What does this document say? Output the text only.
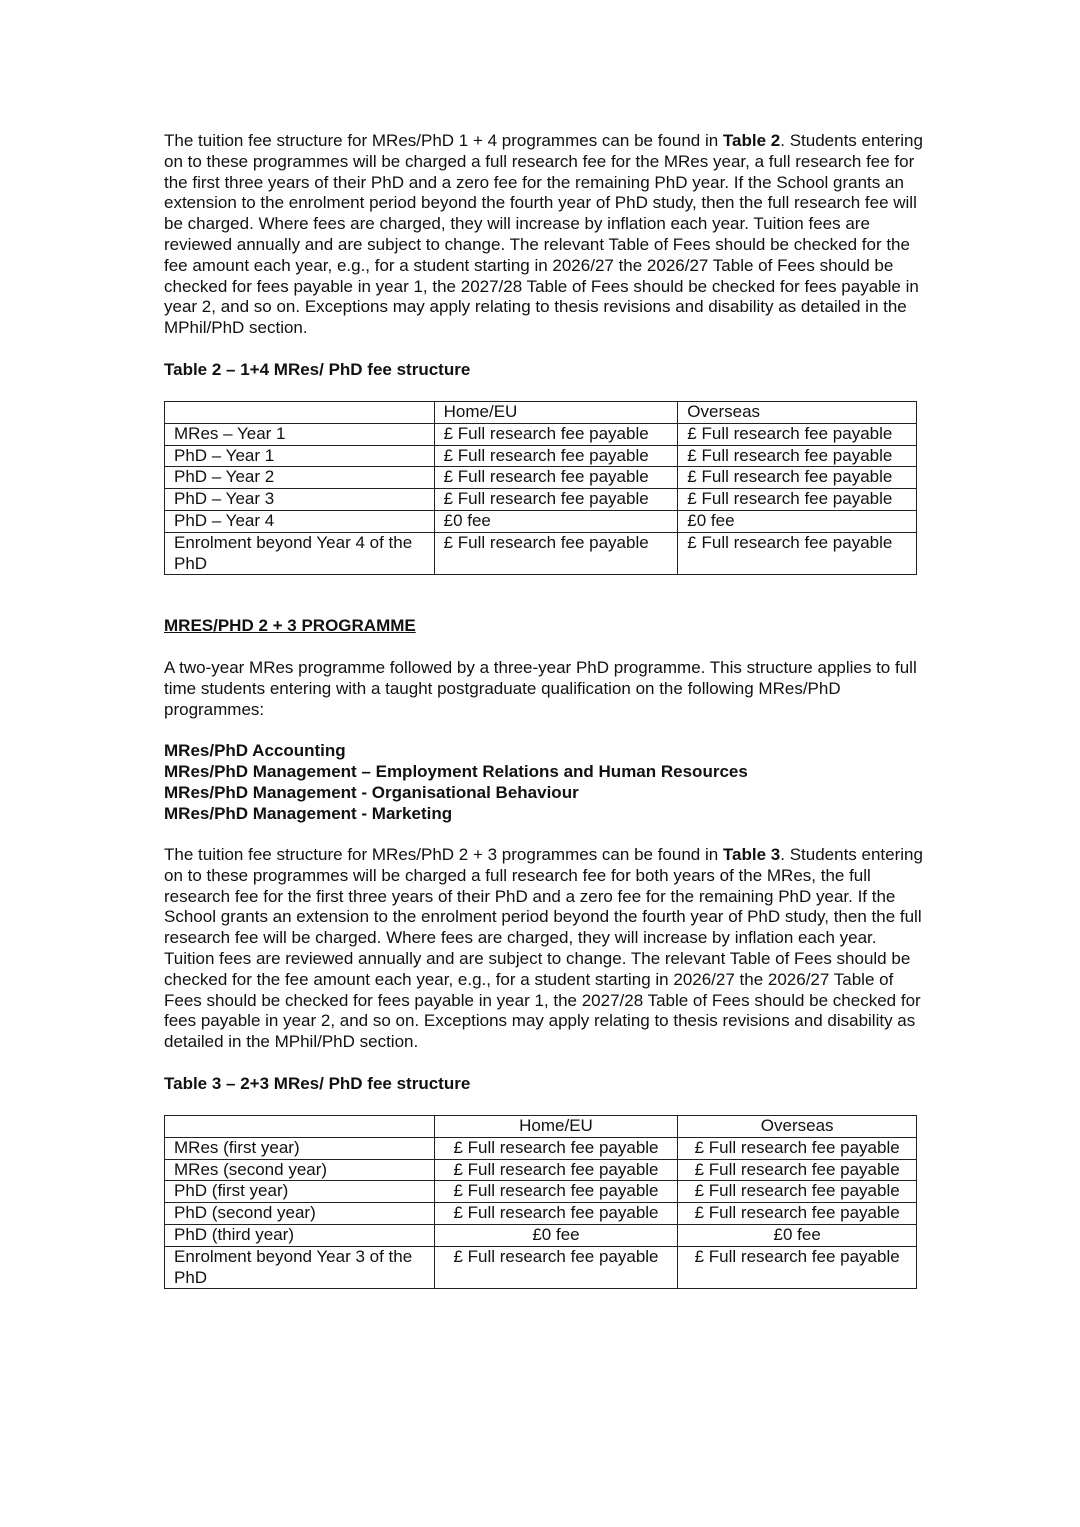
The tuition fee structure for MRes/PhD 1 + 4 programmes can be found in Table 2. Students entering on to these programmes will be charged a full research fee for the MRes year, a full research fee for the first three years of their PhD and a zero fee for the remaining PhD year. If the School grants an extension to the enrolment period beyond the fourth year of PhD study, then the full research fee will be charged. Where fees are charged, they will increase by inflation each year. Tuition fees are reviewed annually and are subject to change. The relevant Table of Fees should be checked for the fee amount each year, e.g., for a student starting in 2026/27 the 2026/27 Table of Fees should be checked for fees payable in year 1, the 2027/28 Table of Fees should be checked for fees payable in year 2, and so on. Exceptions may apply relating to thesis revisions and disability as detailed in the MPhil/PhD section.

Table 2 – 1+4 MRes/ PhD fee structure

	Home/EU	Overseas
MRes – Year 1	£ Full research fee payable	£ Full research fee payable
PhD – Year 1	£ Full research fee payable	£ Full research fee payable
PhD – Year 2	£ Full research fee payable	£ Full research fee payable
PhD – Year 3	£ Full research fee payable	£ Full research fee payable
PhD – Year 4	£0 fee	£0 fee
Enrolment beyond Year 4 of the PhD	£ Full research fee payable	£ Full research fee payable

MRES/PHD 2 + 3 PROGRAMME

A two-year MRes programme followed by a three-year PhD programme. This structure applies to full time students entering with a taught postgraduate qualification on the following MRes/PhD programmes:

MRes/PhD Accounting
MRes/PhD Management – Employment Relations and Human Resources
MRes/PhD Management - Organisational Behaviour
MRes/PhD Management - Marketing

The tuition fee structure for MRes/PhD 2 + 3 programmes can be found in Table 3. Students entering on to these programmes will be charged a full research fee for both years of the MRes, the full research fee for the first three years of their PhD and a zero fee for the remaining PhD year. If the School grants an extension to the enrolment period beyond the fourth year of PhD study, then the full research fee will be charged. Where fees are charged, they will increase by inflation each year. Tuition fees are reviewed annually and are subject to change. The relevant Table of Fees should be checked for the fee amount each year, e.g., for a student starting in 2026/27 the 2026/27 Table of Fees should be checked for fees payable in year 1, the 2027/28 Table of Fees should be checked for fees payable in year 2, and so on. Exceptions may apply relating to thesis revisions and disability as detailed in the MPhil/PhD section.

Table 3 – 2+3 MRes/ PhD fee structure

	Home/EU	Overseas
MRes (first year)	£ Full research fee payable	£ Full research fee payable
MRes (second year)	£ Full research fee payable	£ Full research fee payable
PhD (first year)	£ Full research fee payable	£ Full research fee payable
PhD (second year)	£ Full research fee payable	£ Full research fee payable
PhD (third year)	£0 fee	£0 fee
Enrolment beyond Year 3 of the PhD	£ Full research fee payable	£ Full research fee payable
